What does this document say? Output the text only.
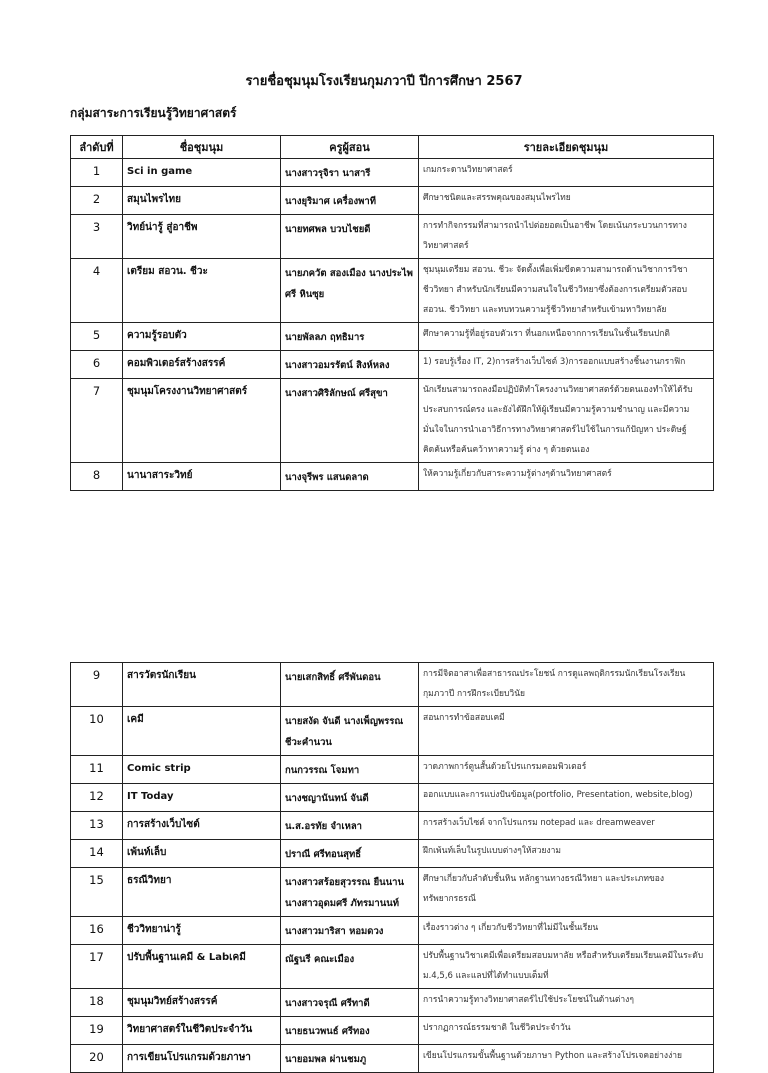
รายชื่อชุมนุมโรงเรียนกุมภวาปี ปีการศึกษา 2567
กลุ่มสาระการเรียนรู้วิทยาศาสตร์
ลำดับที่	ชื่อชุมนุม	ครูผู้สอน	รายละเอียดชุมนุม
1	Sci in game	นางสาวรุจิรา นาสารี	เกมกระดานวิทยาศาสตร์
2	สมุนไพรไทย	นางยุริมาศ เครื่องพาที	ศึกษาชนิดและสรรพคุณของสมุนไพรไทย
3	วิทย์น่ารู้ สู่อาชีพ	นายทศพล บวบไชยดี	การทำกิจกรรมที่สามารถนำไปต่อยอดเป็นอาชีพ โดยเน้นกระบวนการทางวิทยาศาสตร์
4	เตรียม สอวน. ชีวะ	นายภควัต สองเมือง นางประไพศรี หินซุย	ชุมนุมเตรียม สอวน. ชีวะ จัดตั้งเพื่อเพิ่มขีดความสามารถด้านวิชาการวิชาชีววิทยา สำหรับนักเรียนมีความสนใจในชีววิทยาซึ่งต้องการเตรียมตัวสอบ สอวน. ชีววิทยา และทบทวนความรู้ชีววิทยาสำหรับเข้ามหาวิทยาลัย
5	ความรู้รอบตัว	นายพัลลภ ฤทธิมาร	ศึกษาความรู้ที่อยู่รอบตัวเรา ที่นอกเหนือจากการเรียนในชั้นเรียนปกติ
6	คอมพิวเตอร์สร้างสรรค์	นางสาวอมรรัตน์ สิงห์หลง	1) รอบรู้เรื่อง IT, 2)การสร้างเว็บไซต์ 3)การออกแบบสร้างชิ้นงานกราฟิก
7	ชุมนุมโครงงานวิทยาศาสตร์	นางสาวศิริลักษณ์ ศรีสุขา	นักเรียนสามารถลงมือปฏิบัติทำโครงงานวิทยาศาสตร์ด้วยตนเองทำให้ได้รับประสบการณ์ตรง และยังได้ฝึกให้ผู้เรียนมีความรู้ความชำนาญ และมีความมั่นใจในการนำเอาวิธีการทางวิทยาศาสตร์ไปใช้ในการแก้ปัญหา ประดิษฐ์คิดค้นหรือค้นคว้าหาความรู้ ต่าง ๆ ด้วยตนเอง
8	นานาสาระวิทย์	นางจุรีพร แสนดลาด	ให้ความรู้เกี่ยวกับสาระความรู้ต่างๆด้านวิทยาศาสตร์
9	สารวัตรนักเรียน	นายเสกสิทธิ์ ศรีพันดอน	การมีจิตอาสาเพื่อสาธารณประโยชน์ การดูแลพฤติกรรมนักเรียนโรงเรียนกุมภวาปี การฝึกระเบียบวินัย
10	เคมี	นายสงัด จันดี นางเพ็ญพรรณ ชีวะคำนวน	สอนการทำข้อสอบเคมี
11	Comic strip	กนกวรรณ โจมทา	วาดภาพการ์ตูนสั้นด้วยโปรแกรมคอมพิวเตอร์
12	IT Today	นางชญานันทน์ จันดี	ออกแบบและการแบ่งปันข้อมูล(portfolio, Presentation, website,blog)
13	การสร้างเว็บไซต์	น.ส.อรทัย จำเหลา	การสร้างเว็บไซต์ จากโปรแกรม notepad และ dreamweaver
14	เพ้นท์เล็บ	ปราณี ศรีทอนสุทธิ์	ฝึกเพ้นท์เล็บในรูปแบบต่างๆให้สวยงาม
15	ธรณีวิทยา	นางสาวสร้อยสุวรรณ ยืนนาน นางสาวอุดมศรี ภัทรมานนท์	ศึกษาเกี่ยวกับลำดับชั้นหิน หลักฐานทางธรณีวิทยา และประเภทของทรัพยากรธรณี
16	ชีววิทยาน่ารู้	นางสาวมาริสา หอมดวง	เรื่องราวต่าง ๆ เกี่ยวกับชีววิทยาที่ไม่มีในชั้นเรียน
17	ปรับพื้นฐานเคมี & Labเคมี	ณัฐนรี คณะเมือง	ปรับพื้นฐานวิชาเคมีเพื่อเตรียมสอบมหาลัย หรือสำหรับเตรียมเรียนเคมีในระดับม.4,5,6 และแลปที่ได้ทำแบบเต็มที่
18	ชุมนุมวิทย์สร้างสรรค์	นางสาวจรุณี ศรีทาดี	การนำความรู้ทางวิทยาศาสตร์ไปใช้ประโยชน์ในด้านต่างๆ
19	วิทยาศาสตร์ในชีวิตประจำวัน	นายธนวพนธ์ ศรีทอง	ปรากฏการณ์ธรรมชาติ ในชีวิตประจำวัน
20	การเขียนโปรแกรมด้วยภาษา	นายอมพล ผ่านชมภู	เขียนโปรแกรมขั้นพื้นฐานด้วยภาษา Python และสร้างโปรเจคอย่างง่าย
